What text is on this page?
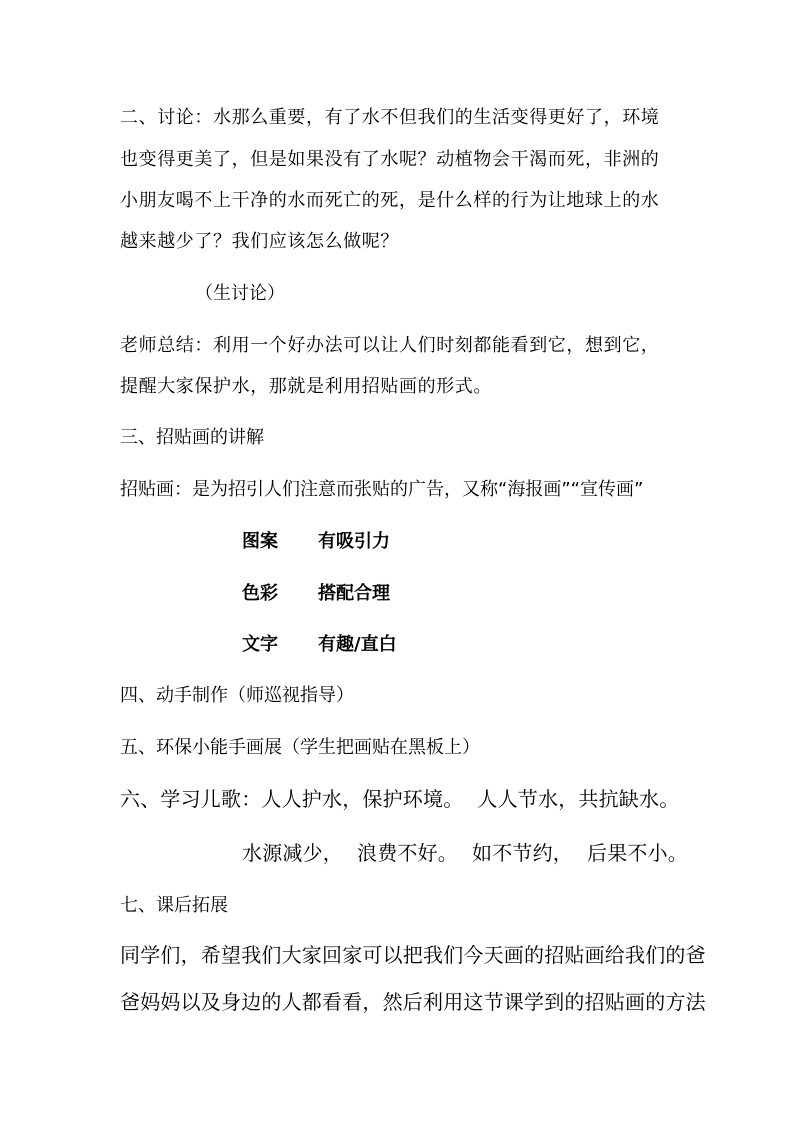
二、讨论：水那么重要，有了水不但我们的生活变得更好了，环境
也变得更美了，但是如果没有了水呢？动植物会干渴而死，非洲的
小朋友喝不上干净的水而死亡的死，是什么样的行为让地球上的水
越来越少了？我们应该怎么做呢？
（生讨论）
老师总结：利用一个好办法可以让人们时刻都能看到它，想到它，
提醒大家保护水，那就是利用招贴画的形式。
三、招贴画的讲解
招贴画：是为招引人们注意而张贴的广告，又称“海报画”“宣传画”
图案 有吸引力
色彩 搭配合理
文字 有趣/直白
四、动手制作（师巡视指导）
五、环保小能手画展（学生把画贴在黑板上）
六、学习儿歌：人人护水，保护环境。 人人节水，共抗缺水。
水源减少， 浪费不好。 如不节约， 后果不小。
七、课后拓展
同学们，希望我们大家回家可以把我们今天画的招贴画给我们的爸
爸妈妈以及身边的人都看看，然后利用这节课学到的招贴画的方法
